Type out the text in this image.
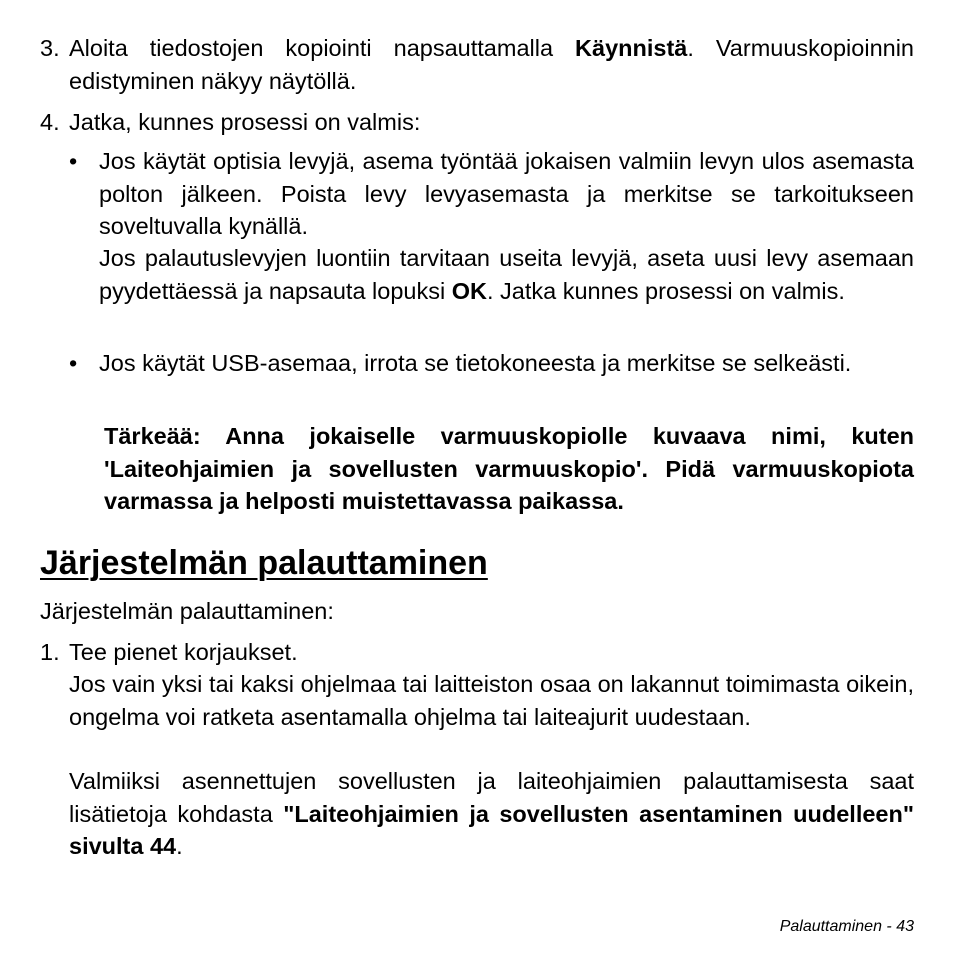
3. Aloita tiedostojen kopiointi napsauttamalla Käynnistä. Varmuuskopioinnin edistyminen näkyy näytöllä.
4. Jatka, kunnes prosessi on valmis:
• Jos käytät optisia levyjä, asema työntää jokaisen valmiin levyn ulos asemasta polton jälkeen. Poista levy levyasemasta ja merkitse se tarkoitukseen soveltuvalla kynällä.
Jos palautuslevyjen luontiin tarvitaan useita levyjä, aseta uusi levy asemaan pyydettäessä ja napsauta lopuksi OK. Jatka kunnes prosessi on valmis.
• Jos käytät USB-asemaa, irrota se tietokoneesta ja merkitse se selkeästi.
Tärkeää: Anna jokaiselle varmuuskopiolle kuvaava nimi, kuten 'Laiteohjaimien ja sovellusten varmuuskopio'. Pidä varmuuskopiota varmassa ja helposti muistettavassa paikassa.
Järjestelmän palauttaminen
Järjestelmän palauttaminen:
1. Tee pienet korjaukset.
Jos vain yksi tai kaksi ohjelmaa tai laitteiston osaa on lakannut toimimasta oikein, ongelma voi ratketa asentamalla ohjelma tai laiteajurit uudestaan.
Valmiiksi asennettujen sovellusten ja laiteohjaimien palauttamisesta saat lisätietoja kohdasta "Laiteohjaimien ja sovellusten asentaminen uudelleen" sivulta 44.
Palauttaminen - 43
